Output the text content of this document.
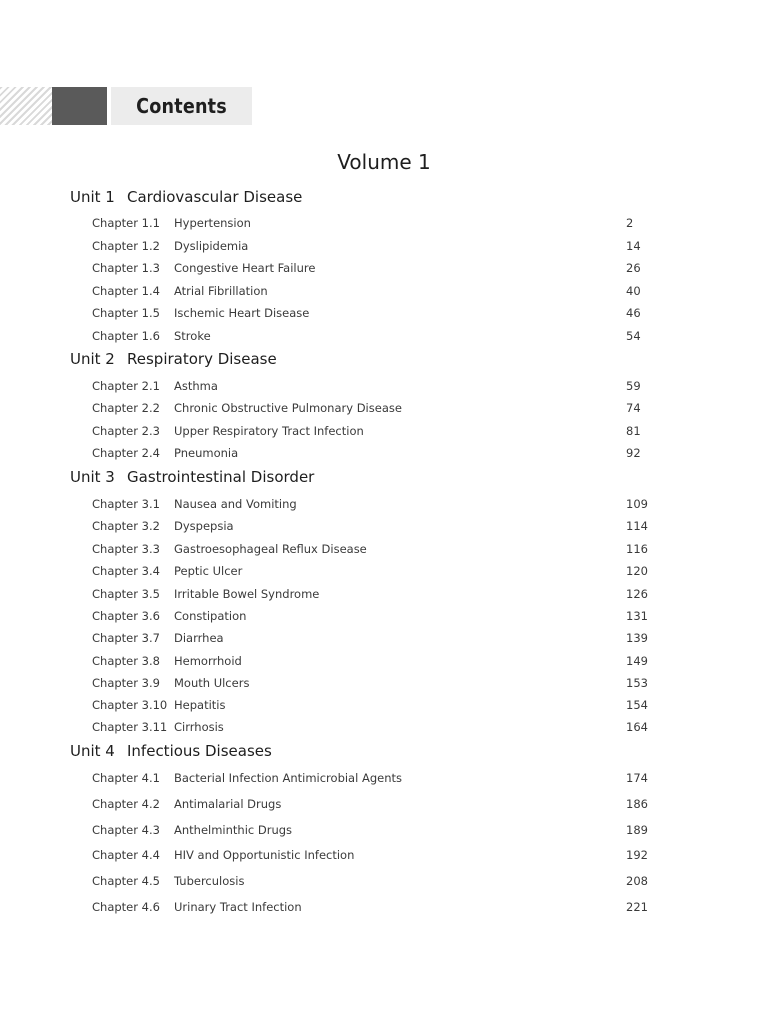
Contents
Volume 1
Unit 1 Cardiovascular Disease
Chapter 1.1 Hypertension	2
Chapter 1.2 Dyslipidemia	14
Chapter 1.3 Congestive Heart Failure	26
Chapter 1.4 Atrial Fibrillation	40
Chapter 1.5 Ischemic Heart Disease	46
Chapter 1.6 Stroke	54
Unit 2 Respiratory Disease
Chapter 2.1 Asthma	59
Chapter 2.2 Chronic Obstructive Pulmonary Disease	74
Chapter 2.3 Upper Respiratory Tract Infection	81
Chapter 2.4 Pneumonia	92
Unit 3 Gastrointestinal Disorder
Chapter 3.1 Nausea and Vomiting	109
Chapter 3.2 Dyspepsia	114
Chapter 3.3 Gastroesophageal Reflux Disease	116
Chapter 3.4 Peptic Ulcer	120
Chapter 3.5 Irritable Bowel Syndrome	126
Chapter 3.6 Constipation	131
Chapter 3.7 Diarrhea	139
Chapter 3.8 Hemorrhoid	149
Chapter 3.9 Mouth Ulcers	153
Chapter 3.10 Hepatitis	154
Chapter 3.11 Cirrhosis	164
Unit 4 Infectious Diseases
Chapter 4.1 Bacterial Infection Antimicrobial Agents	174
Chapter 4.2 Antimalarial Drugs	186
Chapter 4.3 Anthelminthic Drugs	189
Chapter 4.4 HIV and Opportunistic Infection	192
Chapter 4.5 Tuberculosis	208
Chapter 4.6 Urinary Tract Infection	221
